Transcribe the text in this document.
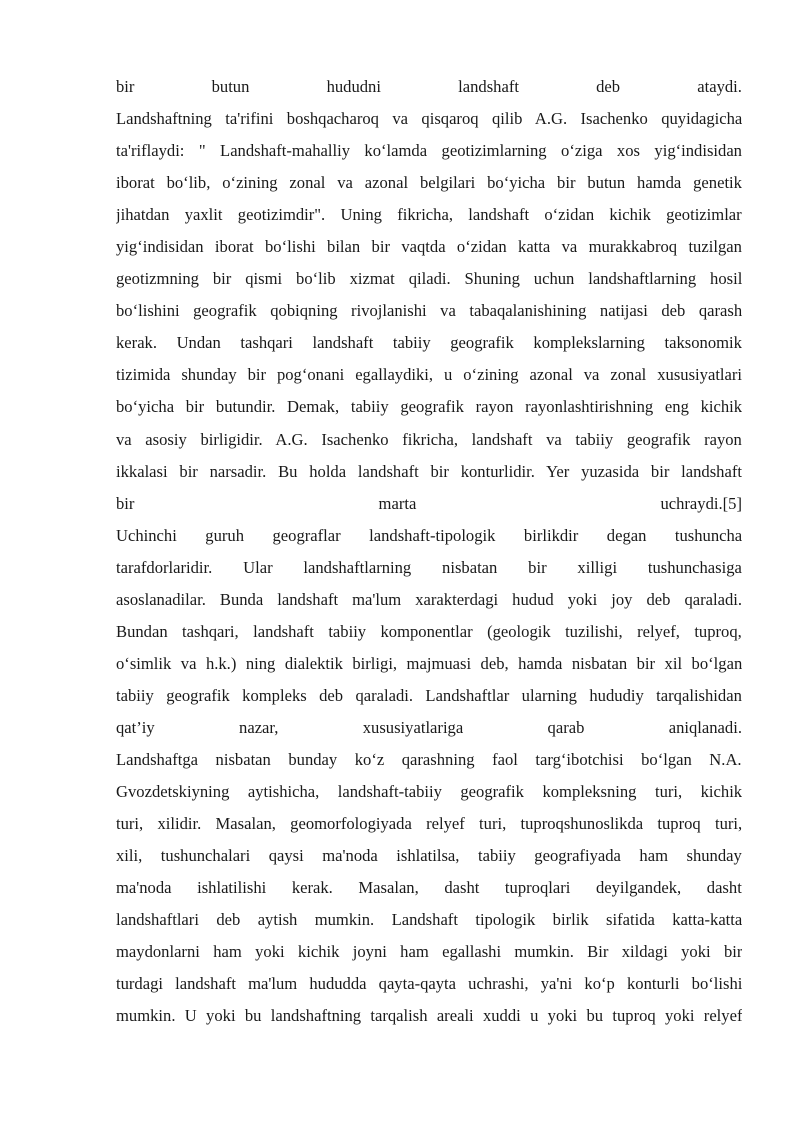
bir	butun	hududni	landshaft	deb	ataydi.
Landshaftning ta'rifini boshqacharoq va qisqaroq qilib A.G. Isachenko quyidagicha
ta'riflaydi: " Landshaft-mahalliy ko‘lamda geotizimlarning o‘ziga xos yig‘indisidan
iborat bo‘lib, o‘zining zonal va azonal belgilari bo‘yicha bir butun hamda genetik
jihatdan yaxlit geotizimdir". Uning fikricha, landshaft o‘zidan kichik geotizimlar
yig‘indisidan iborat bo‘lishi bilan bir vaqtda o‘zidan katta va murakkabroq tuzilgan
geotizmning bir qismi bo‘lib xizmat qiladi. Shuning uchun landshaftlarning hosil
bo‘lishini geografik qobiqning rivojlanishi va tabaqalanishining natijasi deb qarash
kerak. Undan tashqari landshaft tabiiy geografik komplekslarning taksonomik
tizimida shunday bir pog‘onani egallaydiki, u o‘zining azonal va zonal xususiyatlari
bo‘yicha bir butundir. Demak, tabiiy geografik rayon rayonlashtirishning eng kichik
va asosiy birligidir. A.G. Isachenko fikricha, landshaft va tabiiy geografik rayon
ikkalasi bir narsadir. Bu holda landshaft bir konturlidir. Yer yuzasida bir landshaft
bir	marta	uchraydi.[5]
Uchinchi guruh geograflar landshaft-tipologik birlikdir degan tushuncha
tarafdorlaridir. Ular landshaftlarning nisbatan bir xilligi tushunchasiga
asoslanadilar. Bunda landshaft ma'lum xarakterdagi hudud yoki joy deb qaraladi.
Bundan tashqari, landshaft tabiiy komponentlar (geologik tuzilishi, relyef, tuproq,
o‘simlik va h.k.) ning dialektik birligi, majmuasi deb, hamda nisbatan bir xil bo‘lgan
tabiiy geografik kompleks deb qaraladi. Landshaftlar ularning hududiy tarqalishidan
qat’iy	nazar,	xususiyatlariga	qarab	aniqlanadi.
Landshaftga nisbatan bunday ko‘z qarashning faol targ‘ibotchisi bo‘lgan N.A.
Gvozdetskiyning aytishicha, landshaft-tabiiy geografik kompleksning turi, kichik
turi, xilidir. Masalan, geomorfologiyada relyef turi, tuproqshunoslikda tuproq turi,
xili, tushunchalari qaysi ma'noda ishlatilsa, tabiiy geografiyada ham shunday
ma'noda ishlatilishi kerak. Masalan, dasht tuproqlari deyilgandek, dasht
landshaftlari deb aytish mumkin. Landshaft tipologik birlik sifatida katta-katta
maydonlarni ham yoki kichik joyni ham egallashi mumkin. Bir xildagi yoki bir
turdagi landshaft ma'lum hududda qayta-qayta uchrashi, ya'ni ko‘p konturli bo‘lishi
mumkin. U yoki bu landshaftning tarqalish areali xuddi u yoki bu tuproq yoki relyef
